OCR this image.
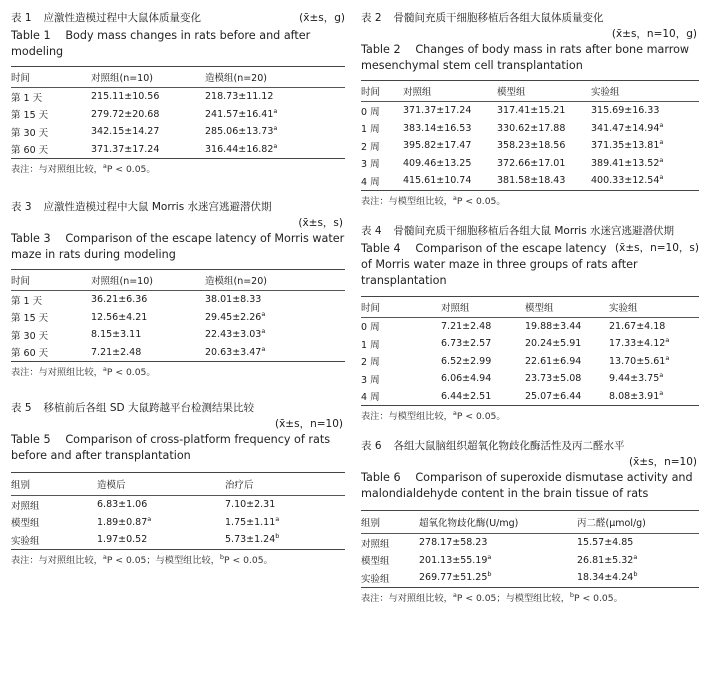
表 1 应激性造模过程中大鼠体质量变化	(x̄±s，g)
Table 1 　Body mass changes in rats before and after modeling
时间	对照组(n=10)	造模组(n=20)
第 1 天	215.11±10.56	218.73±11.12
第 15 天	279.72±20.68	241.57±16.41$^a$
第 30 天	342.15±14.27	285.06±13.73$^a$
第 60 天	371.37±17.24	316.44±16.82$^a$
表注：与对照组比较，$^a$P < 0.05。
表 3 应激性造模过程中大鼠 Morris 水迷宫逃避潜伏期
(x̄±s，s)
Table 3 　Comparison of the escape latency of Morris water maze in rats during modeling
时间	对照组(n=10)	造模组(n=20)
第 1 天	36.21±6.36	38.01±8.33
第 15 天	12.56±4.21	29.45±2.26$^a$
第 30 天	8.15±3.11	22.43±3.03$^a$
第 60 天	7.21±2.48	20.63±3.47$^a$
表注：与对照组比较，$^a$P < 0.05。
表 5 移植前后各组 SD 大鼠跨越平台检测结果比较
(x̄±s，n=10)
Table 5 　Comparison of cross-platform frequency of rats before and after transplantation
组别	造模后	治疗后
对照组	6.83±1.06	7.10±2.31
模型组	1.89±0.87$^a$	1.75±1.11$^a$
实验组	1.97±0.52	5.73±1.24$^b$
表注：与对照组比较，$^a$P < 0.05；与模型组比较，$^b$P < 0.05。
表 2 骨髓间充质干细胞移植后各组大鼠体质量变化
(x̄±s，n=10，g)
Table 2 　Changes of body mass in rats after bone marrow mesenchymal stem cell transplantation
时间	对照组	模型组	实验组
0 周	371.37±17.24	317.41±15.21	315.69±16.33
1 周	383.14±16.53	330.62±17.88	341.47±14.94$^a$
2 周	395.82±17.47	358.23±18.56	371.35±13.81$^a$
3 周	409.46±13.25	372.66±17.01	389.41±13.52$^a$
4 周	415.61±10.74	381.58±18.43	400.33±12.54$^a$
表注：与模型组比较，$^a$P < 0.05。
表 4 骨髓间充质干细胞移植后各组大鼠 Morris 水迷宫逃避潜伏期
(x̄±s，n=10，s)
Table 4 　Comparison of the escape latency of Morris water maze in three groups of rats after transplantation
时间	对照组	模型组	实验组
0 周	7.21±2.48	19.88±3.44	21.67±4.18
1 周	6.73±2.57	20.24±5.91	17.33±4.12$^a$
2 周	6.52±2.99	22.61±6.94	13.70±5.61$^a$
3 周	6.06±4.94	23.73±5.08	9.44±3.75$^a$
4 周	6.44±2.51	25.07±6.44	8.08±3.91$^a$
表注：与模型组比较，$^a$P < 0.05。
表 6 各组大鼠脑组织超氧化物歧化酶活性及丙二醛水平
(x̄±s，n=10)
Table 6 　Comparison of superoxide dismutase activity and malondialdehyde content in the brain tissue of rats
组别	超氧化物歧化酶(U/mg)	丙二醛(μmol/g)
对照组	278.17±58.23	15.57±4.85
模型组	201.13±55.19$^a$	26.81±5.32$^a$
实验组	269.77±51.25$^b$	18.34±4.24$^b$
表注：与对照组比较，$^a$P < 0.05；与模型组比较，$^b$P < 0.05。
